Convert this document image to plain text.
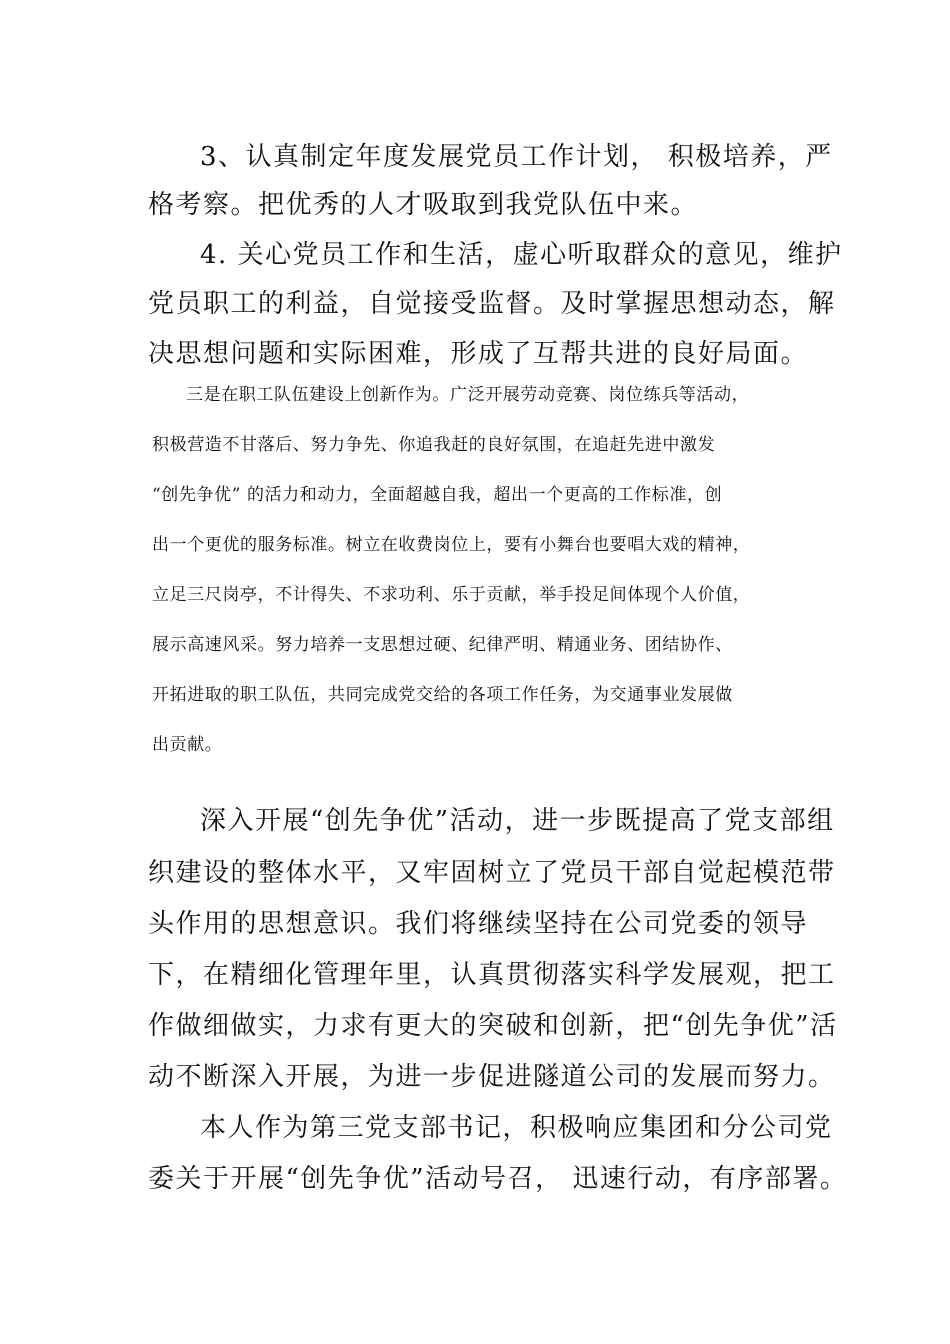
3、认真制定年度发展党员工作计划， 积极培养，严
格考察。把优秀的人才吸取到我党队伍中来。
4. 关心党员工作和生活，虚心听取群众的意见，维护
党员职工的利益，自觉接受监督。及时掌握思想动态，解
决思想问题和实际困难，形成了互帮共进的良好局面。
三是在职工队伍建设上创新作为。广泛开展劳动竞赛、岗位练兵等活动，
积极营造不甘落后、努力争先、你追我赶的良好氛围，在追赶先进中激发
“创先争优” 的活力和动力，全面超越自我，超出一个更高的工作标准，创
出一个更优的服务标准。树立在收费岗位上，要有小舞台也要唱大戏的精神，
立足三尺岗亭，不计得失、不求功利、乐于贡献，举手投足间体现个人价值，
展示高速风采。努力培养一支思想过硬、纪律严明、精通业务、团结协作、
开拓进取的职工队伍，共同完成党交给的各项工作任务，为交通事业发展做
出贡献。
深入开展“创先争优”活动，进一步既提高了党支部组
织建设的整体水平，又牢固树立了党员干部自觉起模范带
头作用的思想意识。我们将继续坚持在公司党委的领导
下，在精细化管理年里，认真贯彻落实科学发展观，把工
作做细做实，力求有更大的突破和创新，把“创先争优”活
动不断深入开展，为进一步促进隧道公司的发展而努力。
本人作为第三党支部书记，积极响应集团和分公司党
委关于开展“创先争优”活动号召， 迅速行动，有序部署。
